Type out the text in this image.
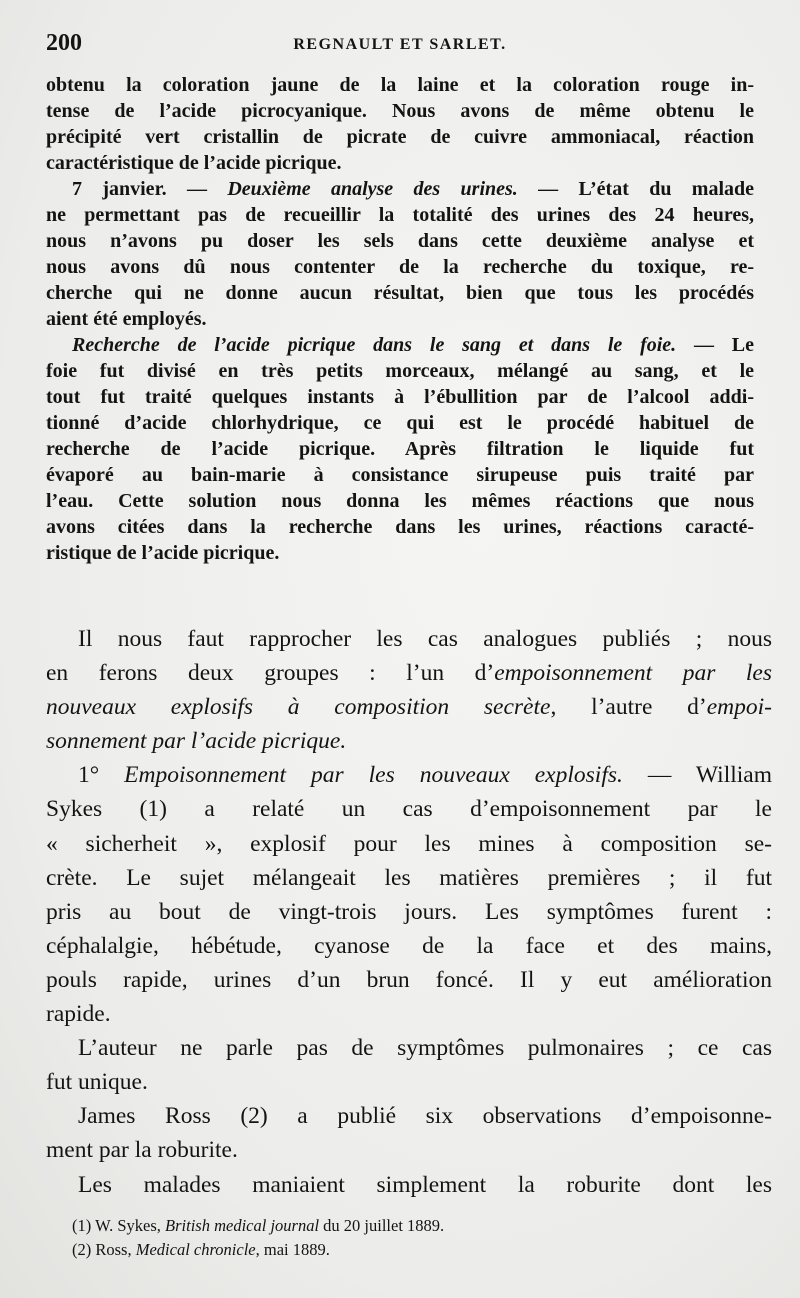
200	REGNAULT ET SARLET.
obtenu la coloration jaune de la laine et la coloration rouge in-
tense de l’acide picrocyanique. Nous avons de même obtenu le
précipité vert cristallin de picrate de cuivre ammoniacal, réaction
caractéristique de l’acide picrique.
7 janvier. — Deuxième analyse des urines. — L’état du malade
ne permettant pas de recueillir la totalité des urines des 24 heures,
nous n’avons pu doser les sels dans cette deuxième analyse et
nous avons dû nous contenter de la recherche du toxique, re-
cherche qui ne donne aucun résultat, bien que tous les procédés
aient été employés.
Recherche de l’acide picrique dans le sang et dans le foie. — Le
foie fut divisé en très petits morceaux, mélangé au sang, et le
tout fut traité quelques instants à l’ébullition par de l’alcool addi-
tionné d’acide chlorhydrique, ce qui est le procédé habituel de
recherche de l’acide picrique. Après filtration le liquide fut
évaporé au bain-marie à consistance sirupeuse puis traité par
l’eau. Cette solution nous donna les mêmes réactions que nous
avons citées dans la recherche dans les urines, réactions caracté-
ristique de l’acide picrique.
Il nous faut rapprocher les cas analogues publiés ; nous
en ferons deux groupes : l’un d’empoisonnement par les
nouveaux explosifs à composition secrète, l’autre d’empoi-
sonnement par l’acide picrique.
1° Empoisonnement par les nouveaux explosifs. — William
Sykes (1) a relaté un cas d’empoisonnement par le
« sicherheit », explosif pour les mines à composition se-
crète. Le sujet mélangeait les matières premières ; il fut
pris au bout de vingt-trois jours. Les symptômes furent :
céphalalgie, hébétude, cyanose de la face et des mains,
pouls rapide, urines d’un brun foncé. Il y eut amélioration
rapide.
L’auteur ne parle pas de symptômes pulmonaires ; ce cas
fut unique.
James Ross (2) a publié six observations d’empoisonne-
ment par la roburite.
Les malades maniaient simplement la roburite dont les
(1) W. Sykes, British medical journal du 20 juillet 1889.
(2) Ross, Medical chronicle, mai 1889.
